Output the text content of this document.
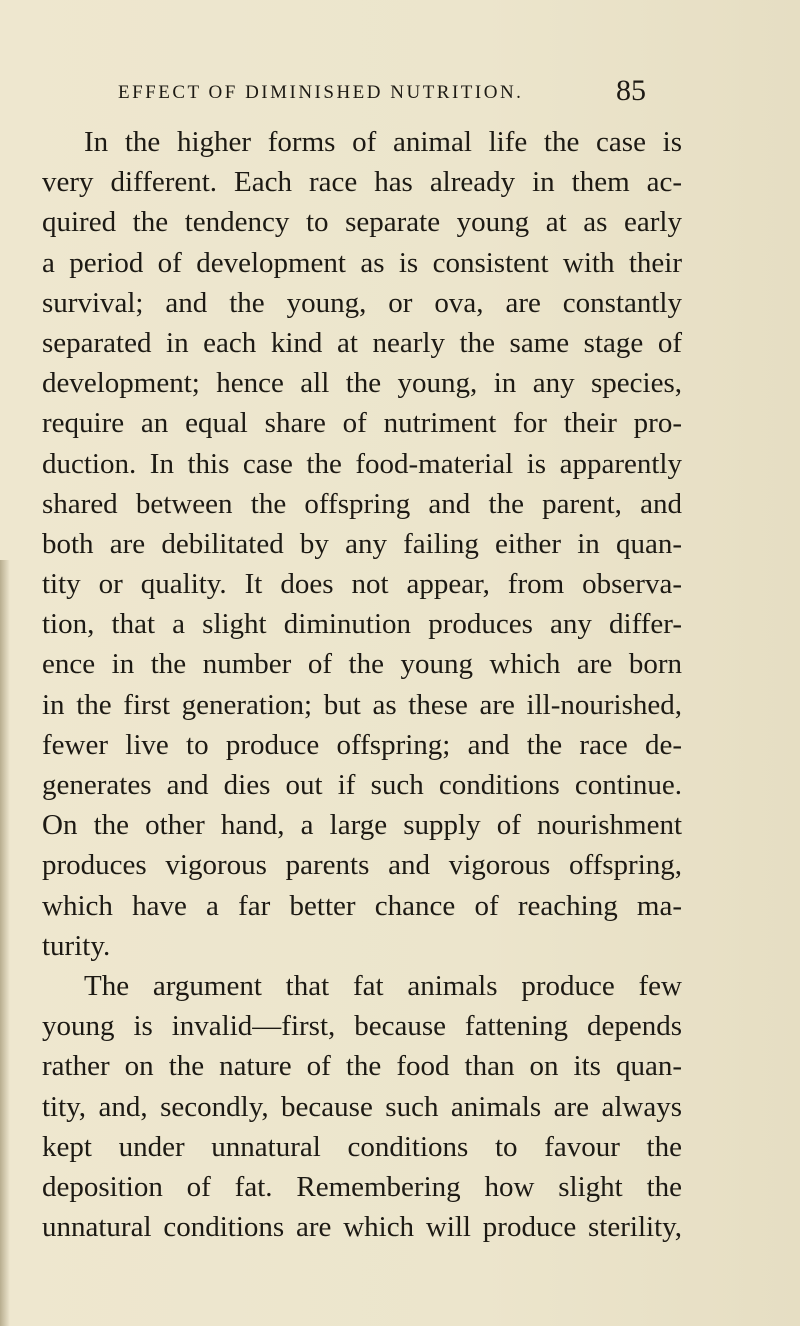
EFFECT OF DIMINISHED NUTRITION.	85
In the higher forms of animal life the case is
very different. Each race has already in them ac-
quired the tendency to separate young at as early
a period of development as is consistent with their
survival; and the young, or ova, are constantly
separated in each kind at nearly the same stage of
development; hence all the young, in any species,
require an equal share of nutriment for their pro-
duction. In this case the food-material is apparently
shared between the offspring and the parent, and
both are debilitated by any failing either in quan-
tity or quality. It does not appear, from observa-
tion, that a slight diminution produces any differ-
ence in the number of the young which are born
in the first generation; but as these are ill-nourished,
fewer live to produce offspring; and the race de-
generates and dies out if such conditions continue.
On the other hand, a large supply of nourishment
produces vigorous parents and vigorous offspring,
which have a far better chance of reaching ma-
turity.
The argument that fat animals produce few
young is invalid—first, because fattening depends
rather on the nature of the food than on its quan-
tity, and, secondly, because such animals are always
kept under unnatural conditions to favour the
deposition of fat. Remembering how slight the
unnatural conditions are which will produce sterility,
